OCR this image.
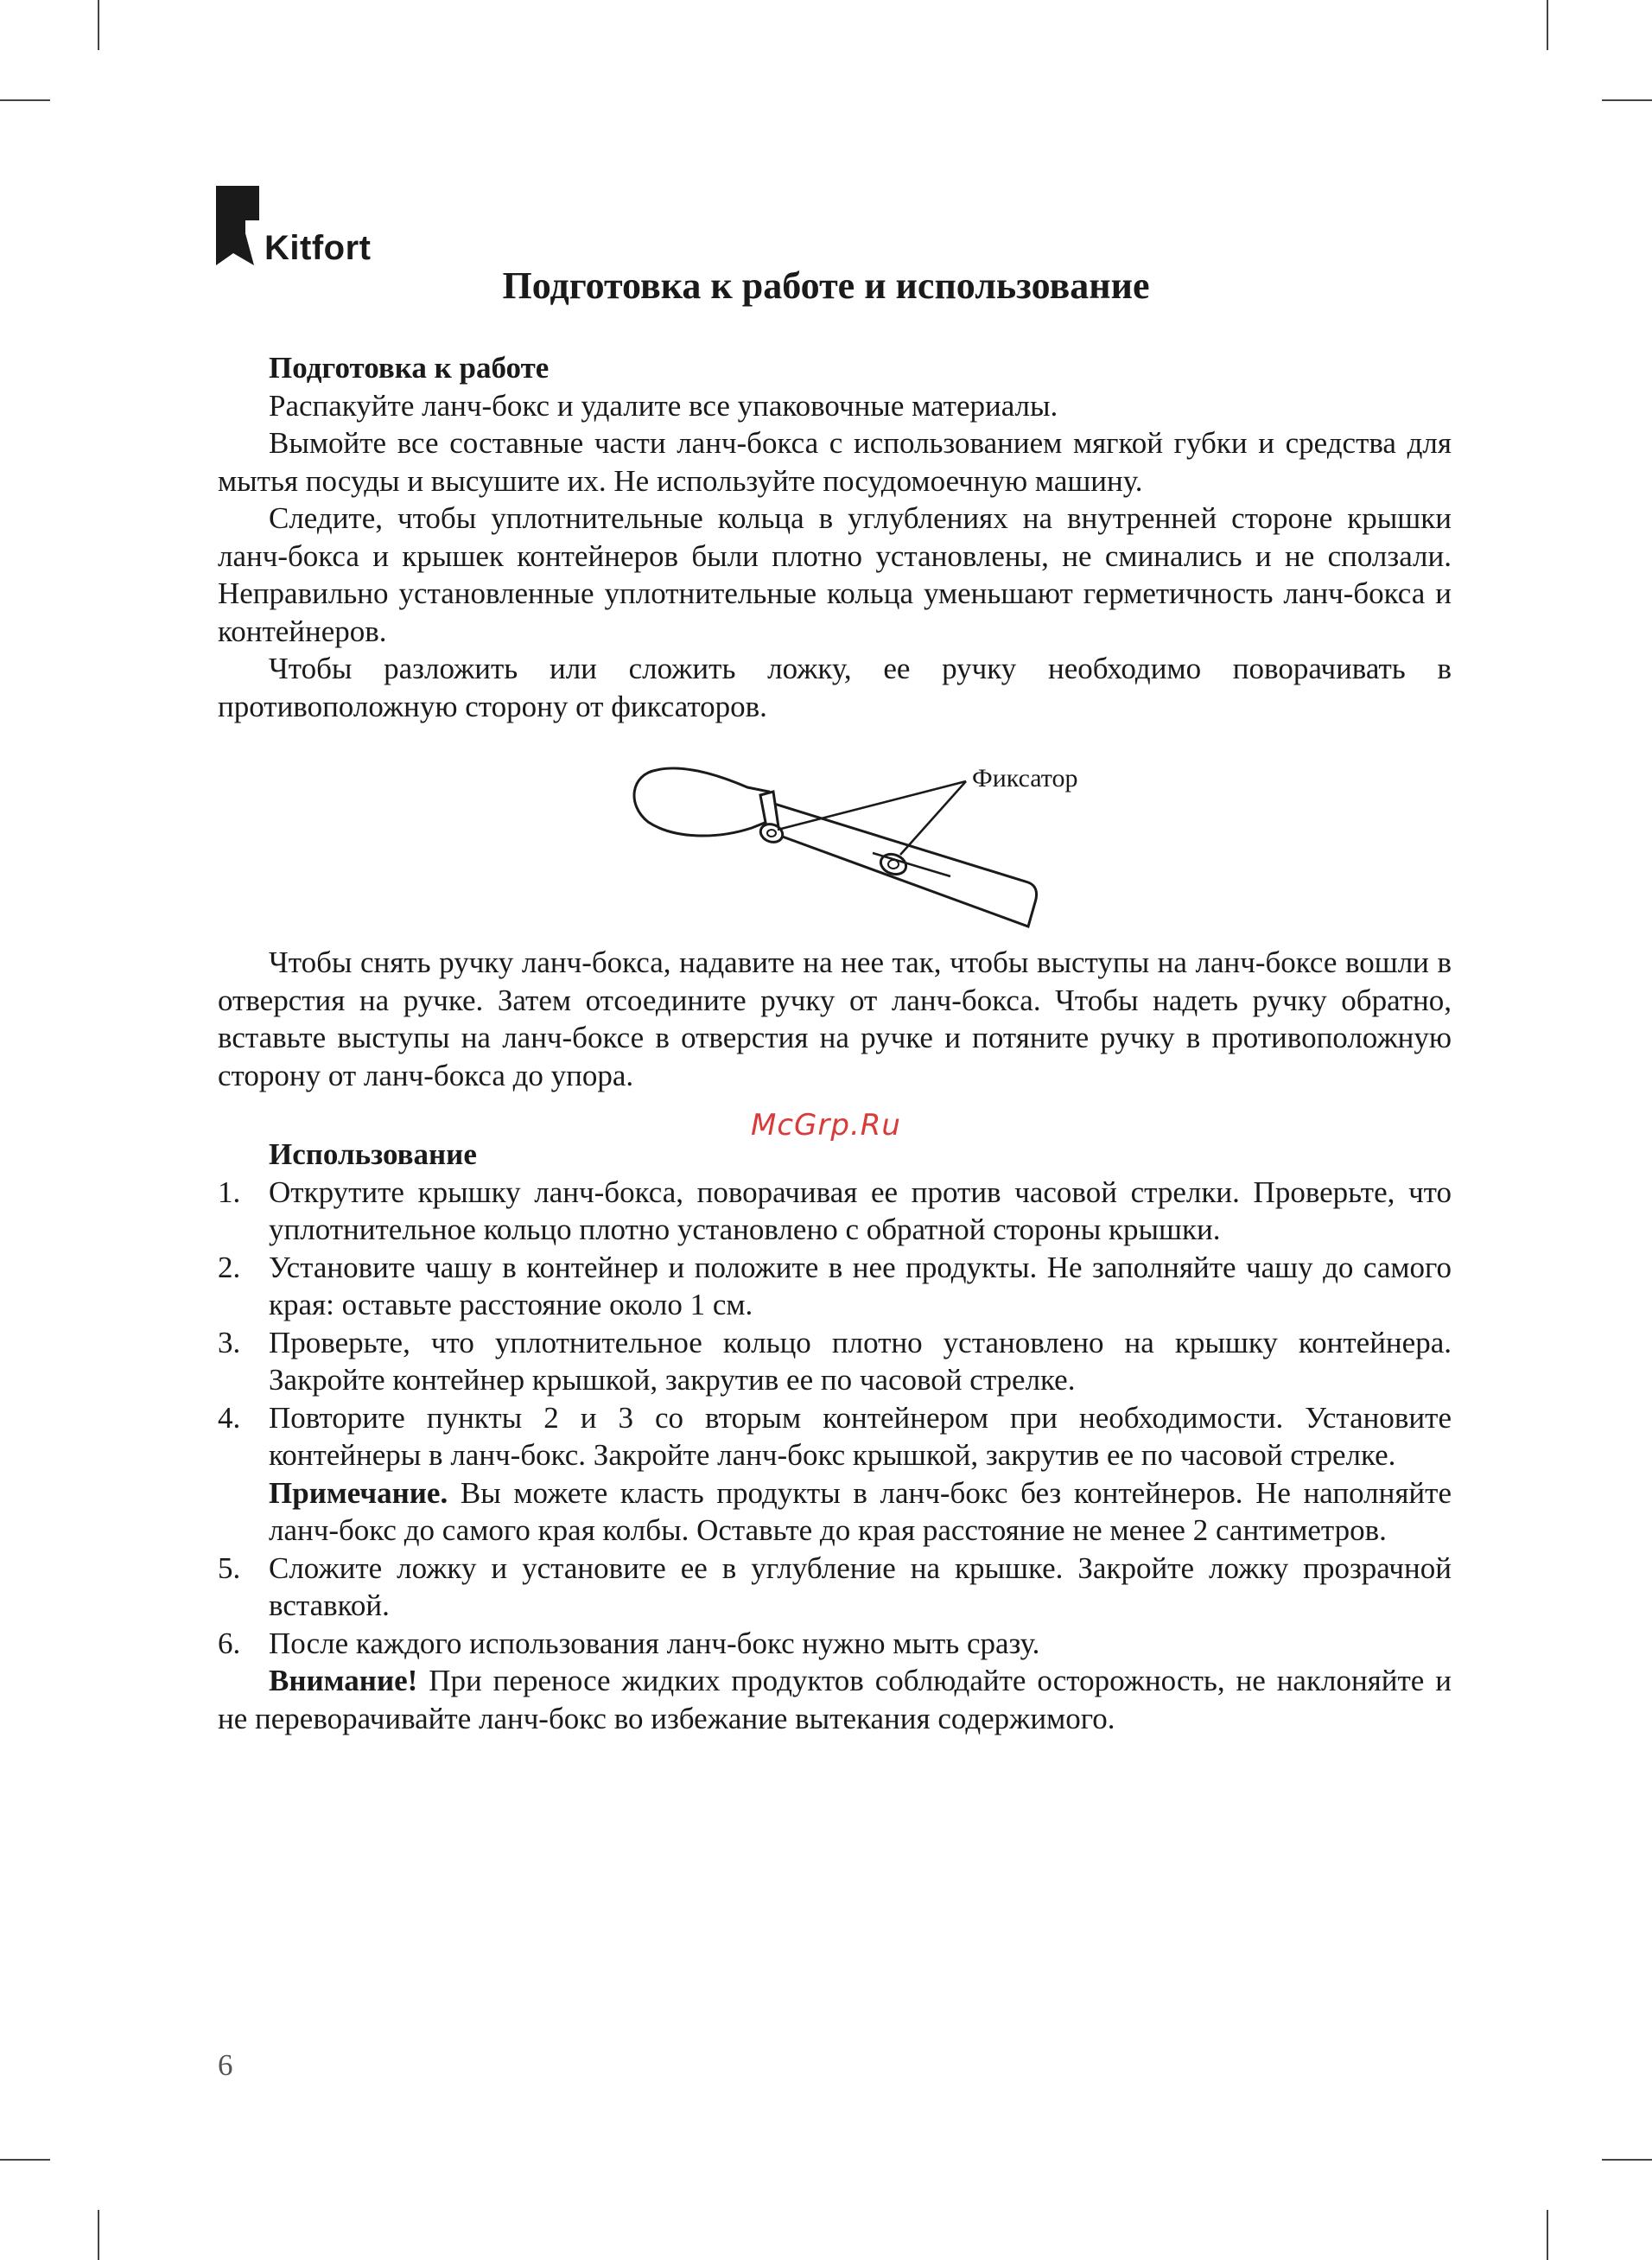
Kitfort
Подготовка к работе и использование

Подготовка к работе

Распакуйте ланч-бокс и удалите все упаковочные материалы.

Вымойте все составные части ланч-бокса с использованием мягкой губки и средства для мытья посуды и высушите их. Не используйте посудомоечную машину.

Следите, чтобы уплотнительные кольца в углублениях на внутренней стороне крышки ланч-бокса и крышек контейнеров были плотно установлены, не сминались и не сползали. Неправильно установленные уплотнительные кольца уменьшают герметичность ланч-бокса и контейнеров.

Чтобы разложить или сложить ложку, ее ручку необходимо поворачивать в противоположную сторону от фиксаторов.

Фиксатор

Чтобы снять ручку ланч-бокса, надавите на нее так, чтобы выступы на ланч-боксе вошли в отверстия на ручке. Затем отсоедините ручку от ланч-бокса. Чтобы надеть ручку обратно, вставьте выступы на ланч-боксе в отверстия на ручке и потяните ручку в противоположную сторону от ланч-бокса до упора.

McGrp.Ru
Использование
1. Открутите крышку ланч-бокса, поворачивая ее против часовой стрелки. Проверьте, что уплотнительное кольцо плотно установлено с обратной стороны крышки.
2. Установите чашу в контейнер и положите в нее продукты. Не заполняйте чашу до самого края: оставьте расстояние около 1 см.
3. Проверьте, что уплотнительное кольцо плотно установлено на крышку контейнера. Закройте контейнер крышкой, закрутив ее по часовой стрелке.
4. Повторите пункты 2 и 3 со вторым контейнером при необходимости. Установите контейнеры в ланч-бокс. Закройте ланч-бокс крышкой, закрутив ее по часовой стрелке.
Примечание. Вы можете класть продукты в ланч-бокс без контейнеров. Не наполняйте ланч-бокс до самого края колбы. Оставьте до края расстояние не менее 2 сантиметров.
5. Сложите ложку и установите ее в углубление на крышке. Закройте ложку прозрачной вставкой.
6. После каждого использования ланч-бокс нужно мыть сразу.
Внимание! При переносе жидких продуктов соблюдайте осторожность, не наклоняйте и не переворачивайте ланч-бокс во избежание вытекания содержимого.
6
